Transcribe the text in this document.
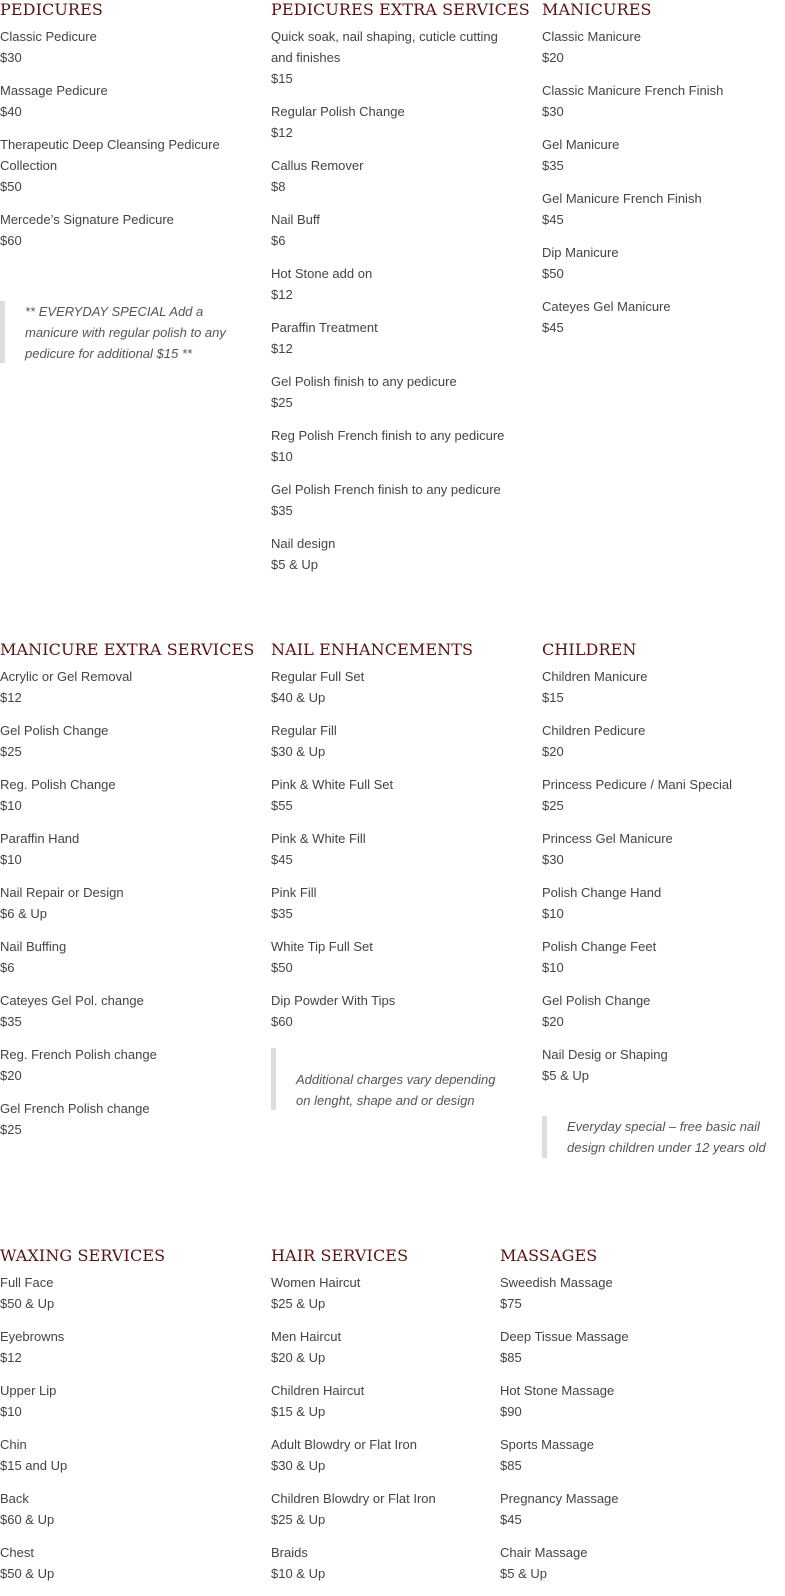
PEDICURES
Classic Pedicure
$30
Massage Pedicure
$40
Therapeutic Deep Cleansing Pedicure Collection
$50
Mercede’s Signature Pedicure
$60
** EVERYDAY SPECIAL Add a manicure with regular polish to any pedicure for additional $15 **
PEDICURES EXTRA SERVICES
Quick soak, nail shaping, cuticle cutting and finishes
$15
Regular Polish Change
$12
Callus Remover
$8
Nail Buff
$6
Hot Stone add on
$12
Paraffin Treatment
$12
Gel Polish finish to any pedicure
$25
Reg Polish French finish to any pedicure
$10
Gel Polish French finish to any pedicure
$35
Nail design
$5 & Up
MANICURES
Classic Manicure
$20
Classic Manicure French Finish
$30
Gel Manicure
$35
Gel Manicure French Finish
$45
Dip Manicure
$50
Cateyes Gel Manicure
$45
MANICURE EXTRA SERVICES
Acrylic or Gel Removal
$12
Gel Polish Change
$25
Reg. Polish Change
$10
Paraffin Hand
$10
Nail Repair or Design
$6 & Up
Nail Buffing
$6
Cateyes Gel Pol. change
$35
Reg. French Polish change
$20
Gel French Polish change
$25
NAIL ENHANCEMENTS
Regular Full Set
$40 & Up
Regular Fill
$30 & Up
Pink & White Full Set
$55
Pink & White Fill
$45
Pink Fill
$35
White Tip Full Set
$50
Dip Powder With Tips
$60
Additional charges vary depending on lenght, shape and or design
CHILDREN
Children Manicure
$15
Children Pedicure
$20
Princess Pedicure / Mani Special
$25
Princess Gel Manicure
$30
Polish Change Hand
$10
Polish Change Feet
$10
Gel Polish Change
$20
Nail Desig or Shaping
$5 & Up
Everyday special – free basic nail design children under 12 years old
WAXING SERVICES
Full Face
$50 & Up
Eyebrowns
$12
Upper Lip
$10
Chin
$15 and Up
Back
$60 & Up
Chest
$50 & Up
HAIR SERVICES
Women Haircut
$25 & Up
Men Haircut
$20 & Up
Children Haircut
$15 & Up
Adult Blowdry or Flat Iron
$30 & Up
Children Blowdry or Flat Iron
$25 & Up
Braids
$10 & Up
MASSAGES
Sweedish Massage
$75
Deep Tissue Massage
$85
Hot Stone Massage
$90
Sports Massage
$85
Pregnancy Massage
$45
Chair Massage
$5 & Up
